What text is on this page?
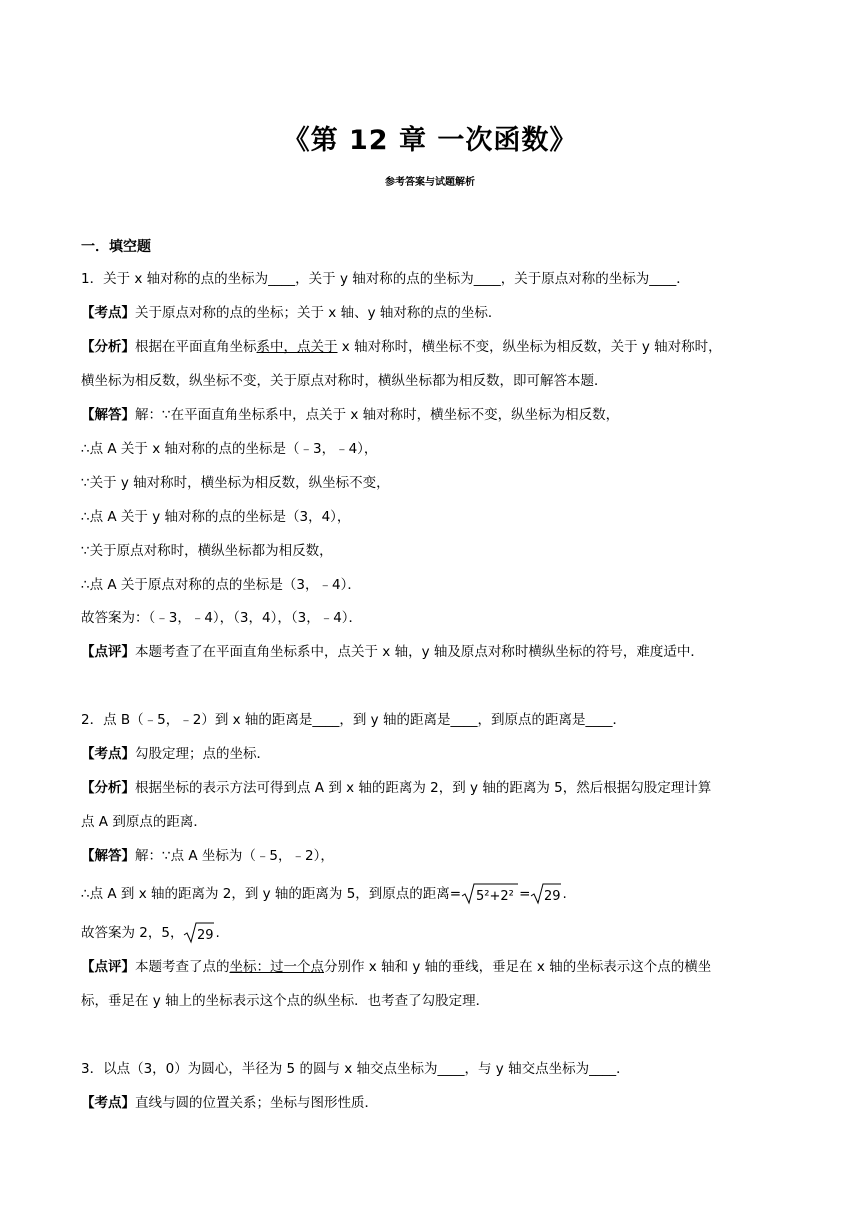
《第 12 章 一次函数》
参考答案与试题解析
一．填空题
1．关于 x 轴对称的点的坐标为____，关于 y 轴对称的点的坐标为____，关于原点对称的坐标为____．
【考点】关于原点对称的点的坐标；关于 x 轴、y 轴对称的点的坐标．
【分析】根据在平面直角坐标系中，点关于 x 轴对称时，横坐标不变，纵坐标为相反数，关于 y 轴对称时，
横坐标为相反数，纵坐标不变，关于原点对称时，横纵坐标都为相反数，即可解答本题．
【解答】解：∵在平面直角坐标系中，点关于 x 轴对称时，横坐标不变，纵坐标为相反数，
∴点 A 关于 x 轴对称的点的坐标是（﹣3，﹣4），
∵关于 y 轴对称时，横坐标为相反数，纵坐标不变，
∴点 A 关于 y 轴对称的点的坐标是（3，4），
∵关于原点对称时，横纵坐标都为相反数，
∴点 A 关于原点对称的点的坐标是（3，﹣4）．
故答案为：（﹣3，﹣4），（3，4），（3，﹣4）．
【点评】本题考查了在平面直角坐标系中，点关于 x 轴，y 轴及原点对称时横纵坐标的符号，难度适中．
2．点 B（﹣5，﹣2）到 x 轴的距离是____，到 y 轴的距离是____，到原点的距离是____．
【考点】勾股定理；点的坐标．
【分析】根据坐标的表示方法可得到点 A 到 x 轴的距离为 2，到 y 轴的距离为 5，然后根据勾股定理计算
点 A 到原点的距离．
【解答】解：∵点 A 坐标为（﹣5，﹣2），
∴点 A 到 x 轴的距离为 2，到 y 轴的距离为 5，到原点的距离= 5²+2² = 29 .
故答案为 2，5， 29 .
【点评】本题考查了点的坐标：过一个点分别作 x 轴和 y 轴的垂线，垂足在 x 轴的坐标表示这个点的横坐
标，垂足在 y 轴上的坐标表示这个点的纵坐标．也考查了勾股定理．
3．以点（3，0）为圆心，半径为 5 的圆与 x 轴交点坐标为____，与 y 轴交点坐标为____．
【考点】直线与圆的位置关系；坐标与图形性质．
